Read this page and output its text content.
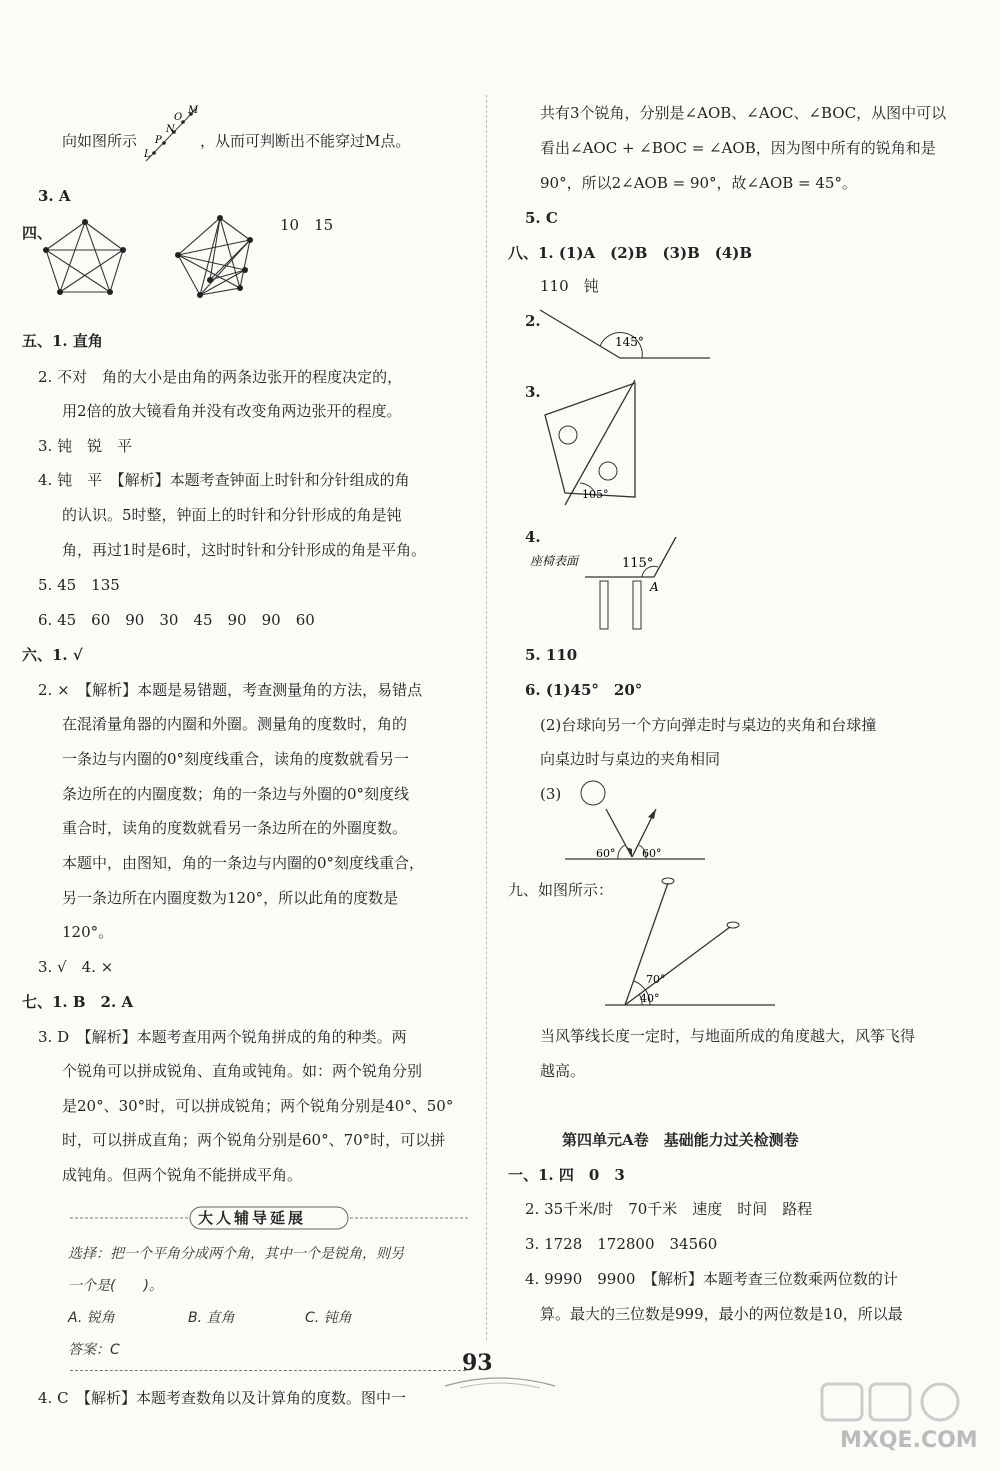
向如图所示
L
P
N
O
M
，从而可判断出不能穿过M点。
3. A
四、	10　15
五、1. 直角
2. 不对　角的大小是由角的两条边张开的程度决定的，
用2倍的放大镜看角并没有改变角两边张开的程度。
3. 钝　锐　平
4. 钝　平　【解析】本题考查钟面上时针和分针组成的角
的认识。5时整，钟面上的时针和分针形成的角是钝
角，再过1时是6时，这时时针和分针形成的角是平角。
5. 45　135
6. 45　60　90　30　45　90　90　60
六、1. √
2. ×　【解析】本题是易错题，考查测量角的方法，易错点
在混淆量角器的内圈和外圈。测量角的度数时，角的
一条边与内圈的0°刻度线重合，读角的度数就看另一
条边所在的内圈度数；角的一条边与外圈的0°刻度线
重合时，读角的度数就看另一条边所在的外圈度数。
本题中，由图知，角的一条边与内圈的0°刻度线重合，
另一条边所在内圈度数为120°，所以此角的度数是
120°。
3. √　4. ×
七、1. B　2. A
3. D　【解析】本题考查用两个锐角拼成的角的种类。两
个锐角可以拼成锐角、直角或钝角。如：两个锐角分别
是20°、30°时，可以拼成锐角；两个锐角分别是40°、50°
时，可以拼成直角；两个锐角分别是60°、70°时，可以拼
成钝角。但两个锐角不能拼成平角。
大人辅导延展
选择：把一个平角分成两个角，其中一个是锐角，则另
一个是(　　)。
A. 锐角	B. 直角	C. 钝角
答案：C
4. C　【解析】本题考查数角以及计算角的度数。图中一
共有3个锐角，分别是∠AOB、∠AOC、∠BOC，从图中可以
看出∠AOC + ∠BOC = ∠AOB，因为图中所有的锐角和是
90°，所以2∠AOB = 90°，故∠AOB = 45°。
5. C
八、1. (1)A　(2)B　(3)B　(4)B
110　钝
2.
145°
3.
105°
4.
座椅表面	115°
A
5. 110
6. (1)45°　20°
(2)台球向另一个方向弹走时与桌边的夹角和台球撞
向桌边时与桌边的夹角相同
(3)
60° 60°
九、如图所示：
70°
40°
当风筝线长度一定时，与地面所成的角度越大，风筝飞得
越高。
第四单元A卷　基础能力过关检测卷
一、1. 四　0　3
2. 35千米/时　70千米　速度　时间　路程
3. 1728　172800　34560
4. 9990　9900　【解析】本题考查三位数乘两位数的计
算。最大的三位数是999，最小的两位数是10，所以最
93
MXQE.COM
